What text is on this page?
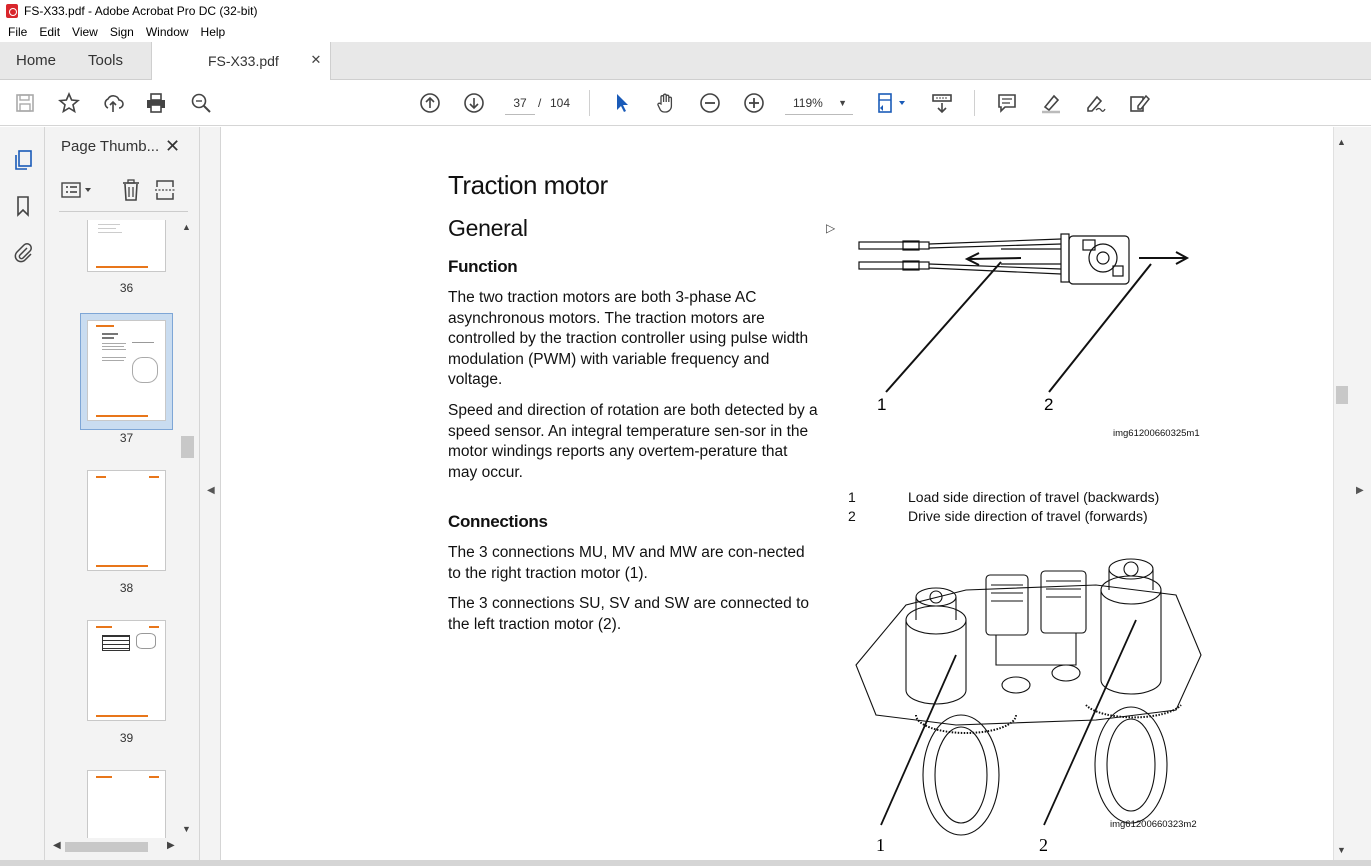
FS-X33.pdf - Adobe Acrobat Pro DC (32-bit)
File	Edit	View	Sign	Window	Help
Home Tools	FS-X33.pdf ✕
37 / 104	119% ▼
Page Thumb... ✕
36
37
38
39
▲
▼
◀	▶
◀
Traction motor
General
Function
The two traction motors are both 3-phase AC asynchronous motors. The traction motors are controlled by the traction controller using pulse width modulation (PWM) with variable frequency and voltage.
Speed and direction of rotation are both detected by a speed sensor. An integral temperature sen-sor in the motor windings reports any overtem-perature that may occur.
Connections
The 3 connections MU, MV and MW are con-nected to the right traction motor (1).
The 3 connections SU, SV and SW are connected to the left traction motor (2).
▷
1	2
img61200660325m1
1	Load side direction of travel (backwards)
2	Drive side direction of travel (forwards)
1	2
img61200660323m2
▲
▼
▶
